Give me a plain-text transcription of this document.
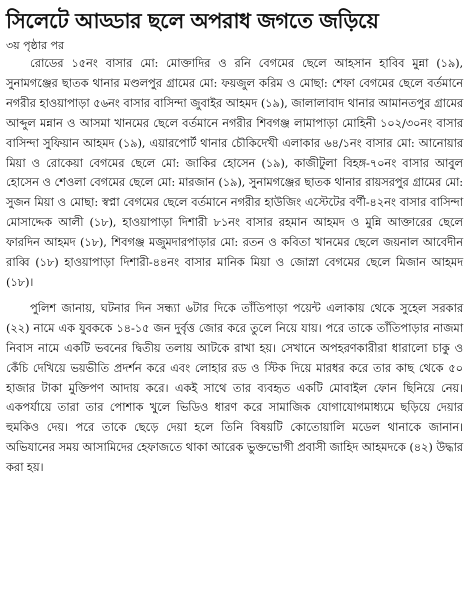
সিলেটে আড্ডার ছলে অপরাধ জগতে জড়িয়ে

৩য় পৃষ্ঠার পর

রোডের ১৫নং বাসার মো: মোক্তাদির ও রনি বেগমের ছেলে আহসান হাবিব মুন্না (১৯), সুনামগঞ্জের ছাতক থানার মণ্ডলপুর গ্রামের মো: ফয়জুল করিম ও মোছা: শেফা বেগমের ছেলে বর্তমানে নগরীর হাওয়াপাড়া ৫৬নং বাসার বাসিন্দা জুবাইর আহমদ (১৯), জালালাবাদ থানার আমানতপুর গ্রামের আব্দুল মন্নান ও আসমা খানমের ছেলে বর্তমানে নগরীর শিবগঞ্জ লামাপাড়া মোহিনী ১০২/৩০নং বাসার বাসিন্দা সুফিয়ান আহমদ (১৯), এয়ারপোর্ট থানার চৌকিদেখী এলাকার ৬৪/১নং বাসার মো: আনোয়ার মিয়া ও রোকেয়া বেগমের ছেলে মো: জাকির হোসেন (১৯), কাজীটুলা বিহঙ্গ-৭০নং বাসার আবুল হোসেন ও শেওলা বেগমের ছেলে মো: মারজান (১৯), সুনামগঞ্জের ছাতক থানার রায়সরপুর গ্রামের মো: সুজন মিয়া ও মোছা: স্বপ্না বেগমের ছেলে বর্তমানে নগরীর হাউজিং এস্টেটের বর্ণী-৪২নং বাসার বাসিন্দা মোসাদ্দেক আলী (১৮), হাওয়াপাড়া দিশারী ৮১নং বাসার রহমান আহমদ ও মুন্নি আক্তারের ছেলে ফারদিন আহমদ (১৮), শিবগঞ্জ মজুমদারপাড়ার মো: রতন ও কবিতা খানমের ছেলে জয়নাল আবেদীন রাব্বি (১৮) হাওয়াপাড়া দিশারী-৪৪নং বাসার মানিক মিয়া ও জোস্না বেগমের ছেলে মিজান আহমদ (১৮)।

পুলিশ জানায়, ঘটনার দিন সন্ধ্যা ৬টার দিকে তাঁতিপাড়া পয়েন্ট এলাকায় থেকে সুহেল সরকার (২২) নামে এক যুবককে ১৪-১৫ জন দুর্বৃত্ত জোর করে তুলে নিয়ে যায়। পরে তাকে তাঁতিপাড়ার নাজমা নিবাস নামে একটি ভবনের দ্বিতীয় তলায় আটকে রাখা হয়। সেখানে অপহরণকারীরা ধারালো চাকু ও কেঁচি দেখিয়ে ভয়ভীতি প্রদর্শন করে এবং লোহার রড ও স্টিক দিয়ে মারধর করে তার কাছ থেকে ৫০ হাজার টাকা মুক্তিপণ আদায় করে। একই সাথে তার ব্যবহৃত একটি মোবাইল ফোন ছিনিয়ে নেয়। একপর্যায়ে তারা তার পোশাক খুলে ভিডিও ধারণ করে সামাজিক যোগাযোগমাধ্যমে ছড়িয়ে দেয়ার হুমকিও দেয়। পরে তাকে ছেড়ে দেয়া হলে তিনি বিষয়টি কোতোয়ালি মডেল থানাকে জানান। অভিযানের সময় আসামিদের হেফাজতে থাকা আরেক ভুক্তভোগী প্রবাসী জাহিদ আহমদকে (৪২) উদ্ধার করা হয়।
